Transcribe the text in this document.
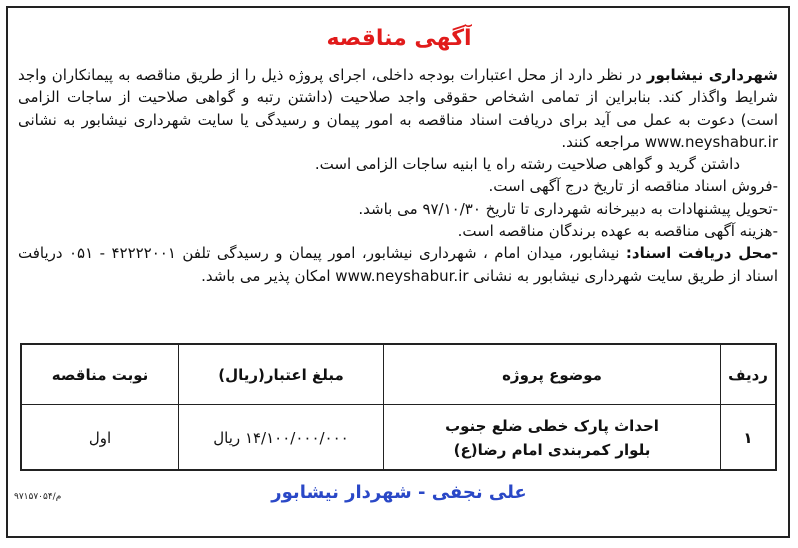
آگهی مناقصه

شهرداری نیشابور در نظر دارد از محل اعتبارات بودجه داخلی، اجرای پروژه ذیل را از طریق مناقصه به پیمانکاران واجد شرایط واگذار کند. بنابراین از تمامی اشخاص حقوقی واجد صلاحیت (داشتن رتبه و گواهی صلاحیت از ساجات الزامی است) دعوت به عمل می آید برای دریافت اسناد مناقصه به امور پیمان و رسیدگی یا سایت شهرداری نیشابور به نشانی www.neyshabur.ir مراجعه کنند.

داشتن گرید و گواهی صلاحیت رشته راه یا ابنیه ساجات الزامی است.

-فروش اسناد مناقصه از تاریخ درج آگهی است.

-تحویل پیشنهادات به دبیرخانه شهرداری تا تاریخ ۹۷/۱۰/۳۰ می باشد.

-هزینه آگهی مناقصه به عهده برندگان مناقصه است.

-محل دریافت اسناد: نیشابور، میدان امام ، شهرداری نیشابور، امور پیمان و رسیدگی تلفن ۴۲۲۲۲۰۰۱ - ۰۵۱ دریافت اسناد از طریق سایت شهرداری نیشابور به نشانی www.neyshabur.ir امکان پذیر می باشد.

ردیف
موضوع پروژه
مبلغ اعتبار(ریال)
نوبت مناقصه
۱
احداث پارک خطی ضلع جنوب
بلوار کمربندی امام رضا(ع)
۱۴/۱۰۰/۰۰۰/۰۰۰ ریال
اول
علی نجفی - شهردار نیشابور
م/۹۷۱۵۷۰۵۴
